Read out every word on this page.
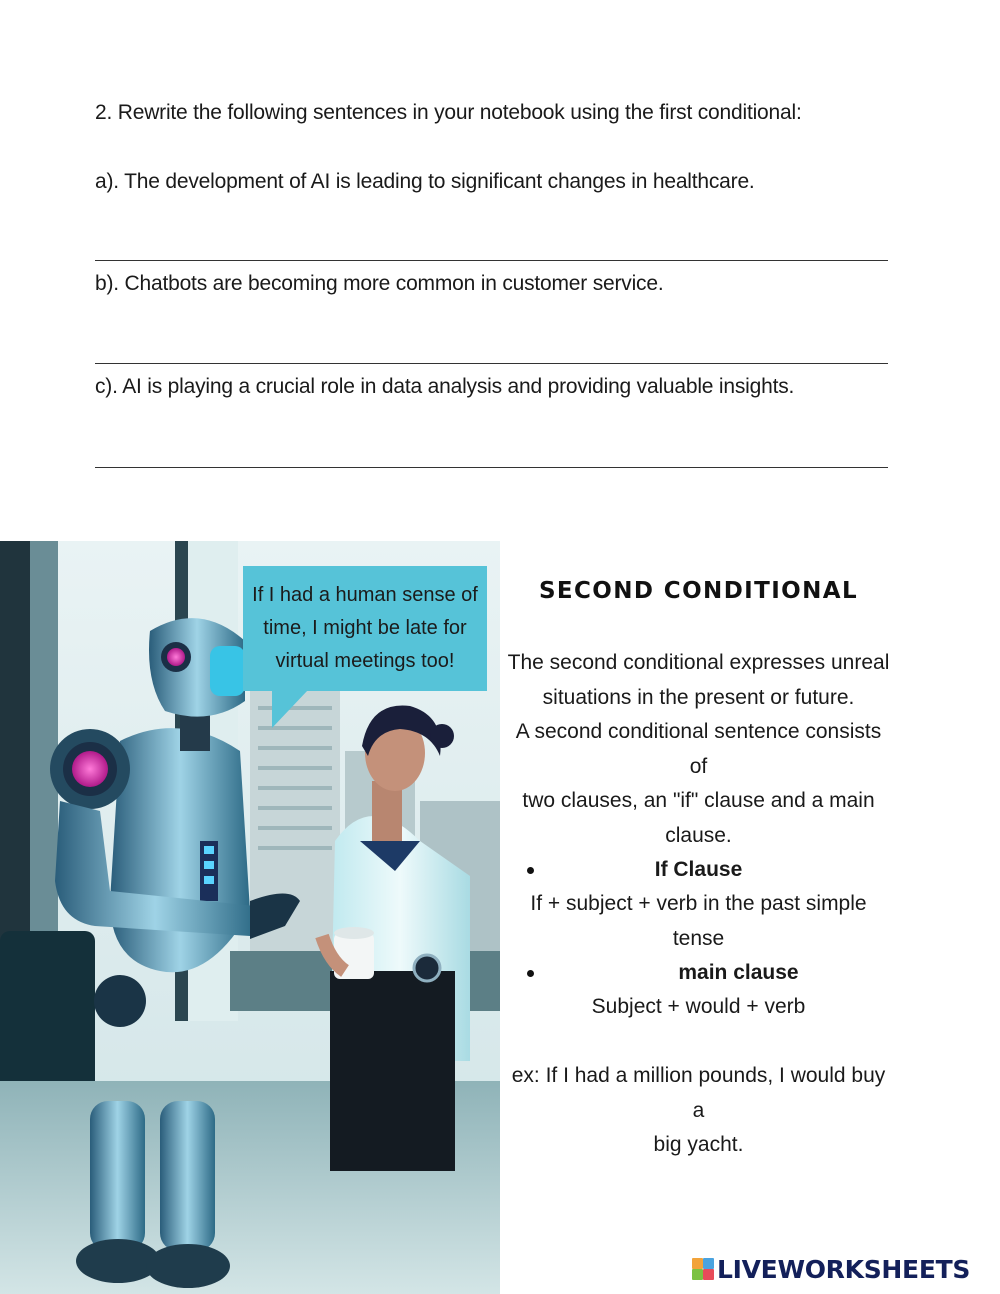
2. Rewrite the following sentences in your notebook using the first conditional:
a). The development of AI is leading to significant changes in healthcare.
b). Chatbots are becoming more common in customer service.
c). AI is playing a crucial role in data analysis and providing valuable insights.
If I had a human sense of
time, I might be late for
virtual meetings too!
SECOND CONDITIONAL
The second conditional expresses unreal
situations in the present or future.
A second conditional sentence consists of
two clauses, an "if" clause and a main
clause.
If Clause
If + subject + verb in the past simple tense
main clause
Subject + would + verb
ex: If I had a million pounds, I would buy a
big yacht.
LIVEWORKSHEETS
